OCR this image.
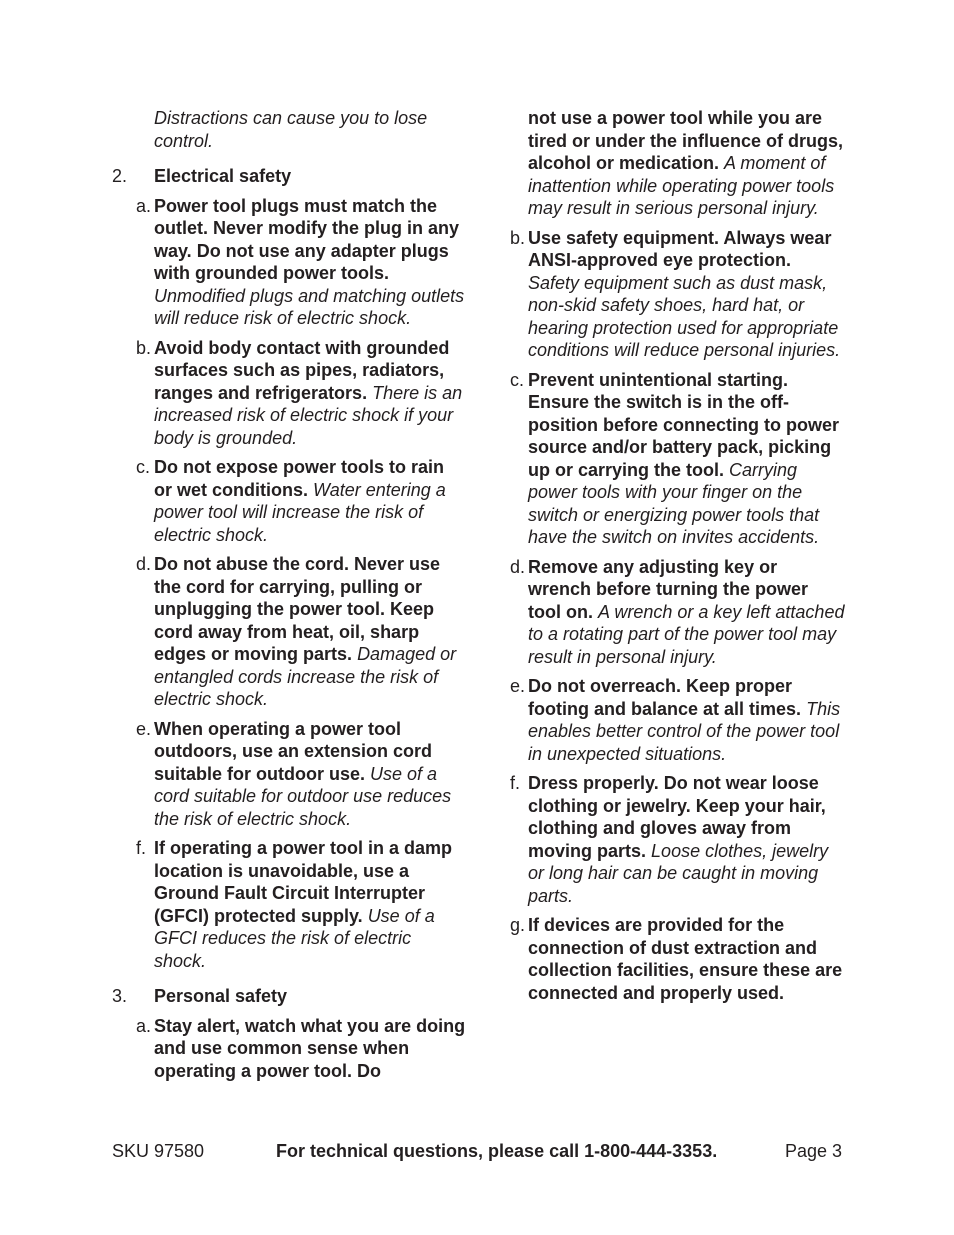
Distractions can cause you to lose control.
2. Electrical safety
a. Power tool plugs must match the outlet. Never modify the plug in any way. Do not use any adapter plugs with grounded power tools. Unmodified plugs and matching outlets will reduce risk of electric shock.
b. Avoid body contact with grounded surfaces such as pipes, radiators, ranges and refrigerators. There is an increased risk of electric shock if your body is grounded.
c. Do not expose power tools to rain or wet conditions. Water entering a power tool will increase the risk of electric shock.
d. Do not abuse the cord. Never use the cord for carrying, pulling or unplugging the power tool. Keep cord away from heat, oil, sharp edges or moving parts. Damaged or entangled cords increase the risk of electric shock.
e. When operating a power tool outdoors, use an extension cord suitable for outdoor use. Use of a cord suitable for outdoor use reduces the risk of electric shock.
f. If operating a power tool in a damp location is unavoidable, use a Ground Fault Circuit Interrupter (GFCI) protected supply. Use of a GFCI reduces the risk of electric shock.
3. Personal safety
a. Stay alert, watch what you are doing and use common sense when operating a power tool. Do
not use a power tool while you are tired or under the influence of drugs, alcohol or medication. A moment of inattention while operating power tools may result in serious personal injury.
b. Use safety equipment. Always wear ANSI-approved eye protection. Safety equipment such as dust mask, non-skid safety shoes, hard hat, or hearing protection used for appropriate conditions will reduce personal injuries.
c. Prevent unintentional starting. Ensure the switch is in the off-position before connecting to power source and/or battery pack, picking up or carrying the tool. Carrying power tools with your finger on the switch or energizing power tools that have the switch on invites accidents.
d. Remove any adjusting key or wrench before turning the power tool on. A wrench or a key left attached to a rotating part of the power tool may result in personal injury.
e. Do not overreach. Keep proper footing and balance at all times. This enables better control of the power tool in unexpected situations.
f. Dress properly. Do not wear loose clothing or jewelry. Keep your hair, clothing and gloves away from moving parts. Loose clothes, jewelry or long hair can be caught in moving parts.
g. If devices are provided for the connection of dust extraction and collection facilities, ensure these are connected and properly used.
SKU 97580	For technical questions, please call 1-800-444-3353.	Page 3
